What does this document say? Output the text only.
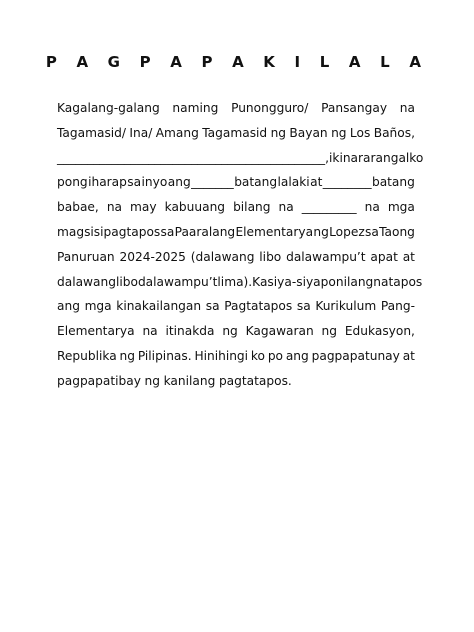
P A G P A P A K I L A L A
Kagalang-galang naming Punongguro/ Pansangay na
Tagamasid/ Ina/ Amang Tagamasid ng Bayan ng Los Baños,
____________________________________________, ikinararangal ko
pong iharap sa inyo ang _______ batang lalaki at ________ batang
babae, na may kabuuang bilang na _________ na mga
magsisipagtapos sa Paaralang Elementarya ng Lopez sa Taong
Panuruan 2024-2025 (dalawang libo dalawampu’t apat at
dalawang libo dalawampu’t lima). Kasiya-siya po nilang natapos
ang mga kinakailangan sa Pagtatapos sa Kurikulum Pang-
Elementarya na itinakda ng Kagawaran ng Edukasyon,
Republika ng Pilipinas. Hinihingi ko po ang pagpapatunay at
pagpapatibay ng kanilang pagtatapos.
